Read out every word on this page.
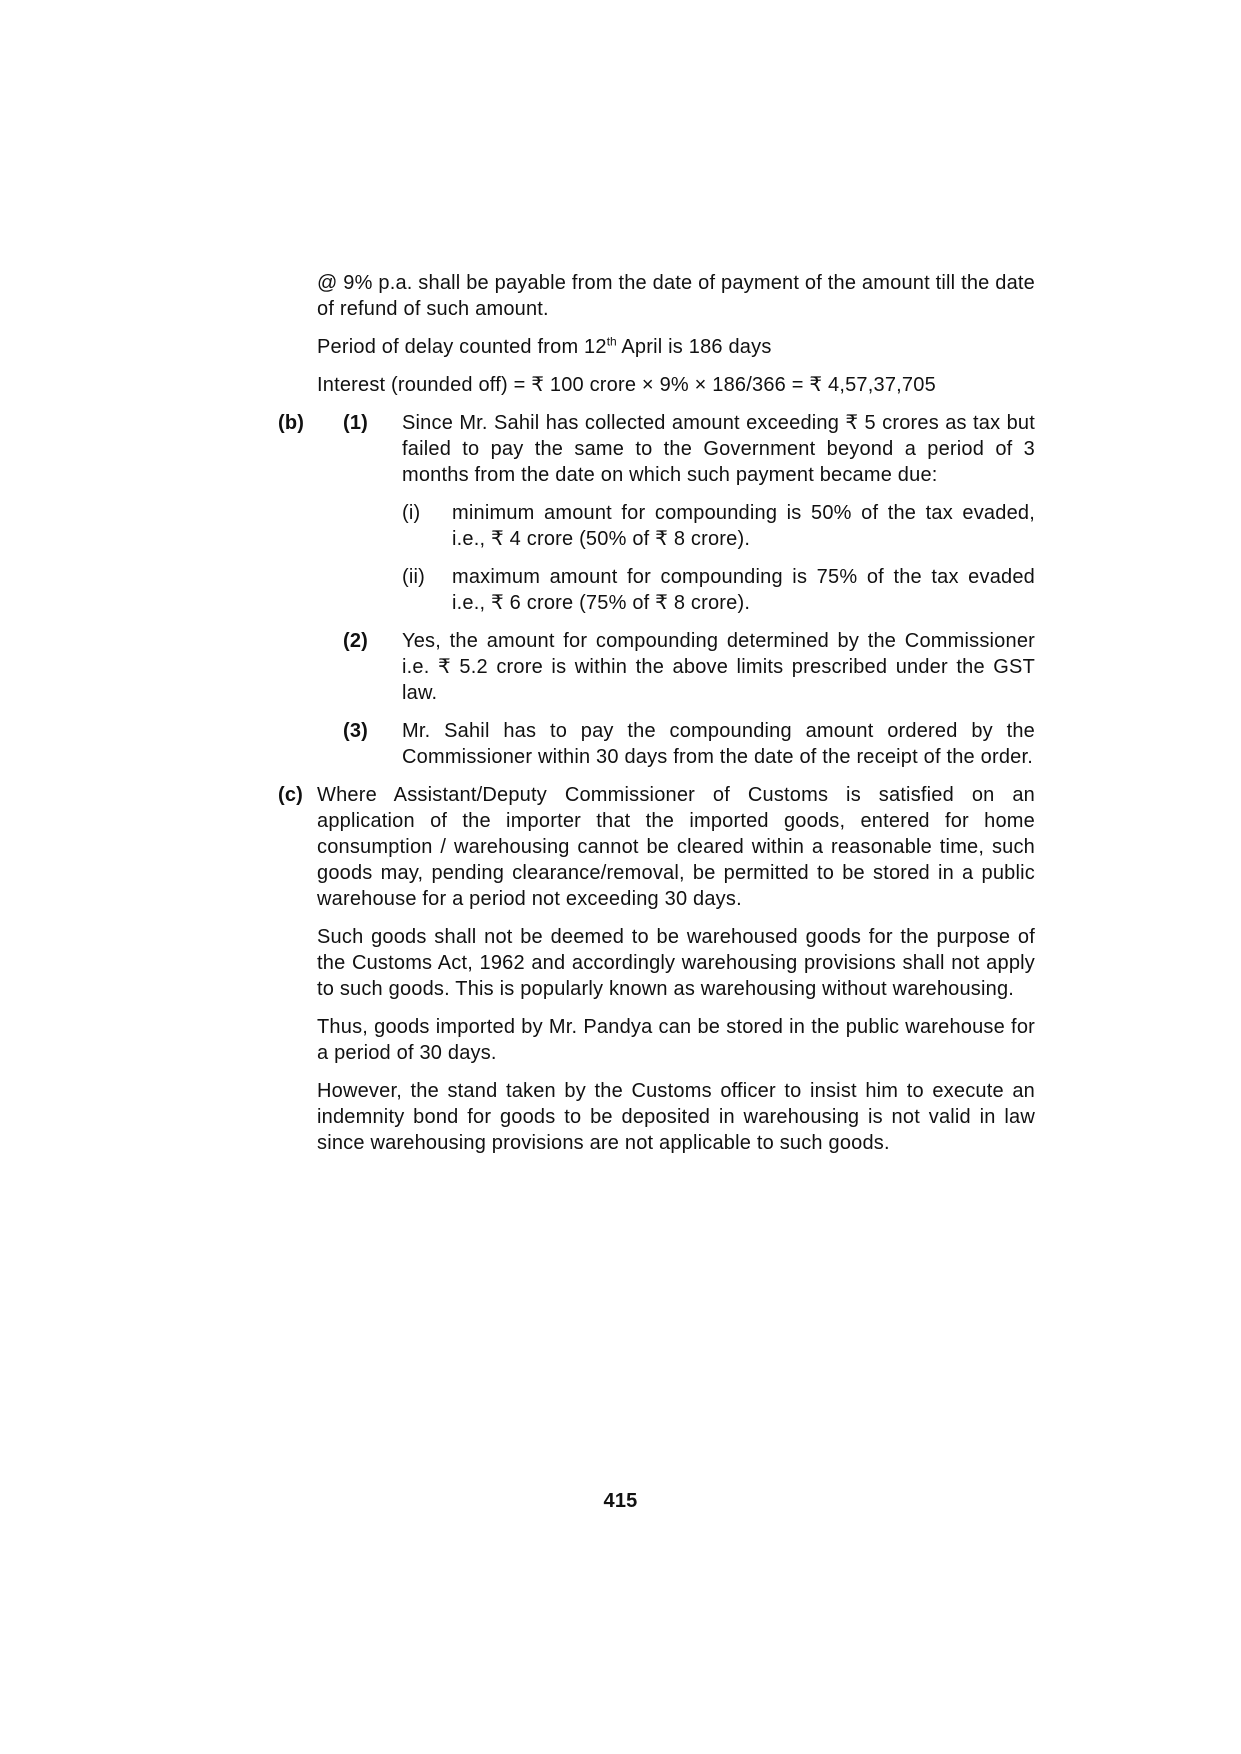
@ 9% p.a. shall be payable from the date of payment of the amount till the date of refund of such amount.

Period of delay counted from 12th April is 186 days

Interest (rounded off) = ₹ 100 crore × 9% × 186/366 = ₹ 4,57,37,705

(b)	(1)	Since Mr. Sahil has collected amount exceeding ₹ 5 crores as tax but failed to pay the same to the Government beyond a period of 3 months from the date on which such payment became due:

(i)	minimum amount for compounding is 50% of the tax evaded, i.e., ₹ 4 crore (50% of ₹ 8 crore).

(ii)	maximum amount for compounding is 75% of the tax evaded i.e., ₹ 6 crore (75% of ₹ 8 crore).

(2)	Yes, the amount for compounding determined by the Commissioner i.e. ₹ 5.2 crore is within the above limits prescribed under the GST law.

(3)	Mr. Sahil has to pay the compounding amount ordered by the Commissioner within 30 days from the date of the receipt of the order.

(c) Where Assistant/Deputy Commissioner of Customs is satisfied on an application of the importer that the imported goods, entered for home consumption / warehousing cannot be cleared within a reasonable time, such goods may, pending clearance/removal, be permitted to be stored in a public warehouse for a period not exceeding 30 days.

Such goods shall not be deemed to be warehoused goods for the purpose of the Customs Act, 1962 and accordingly warehousing provisions shall not apply to such goods. This is popularly known as warehousing without warehousing.

Thus, goods imported by Mr. Pandya can be stored in the public warehouse for a period of 30 days.

However, the stand taken by the Customs officer to insist him to execute an indemnity bond for goods to be deposited in warehousing is not valid in law since warehousing provisions are not applicable to such goods.

415
